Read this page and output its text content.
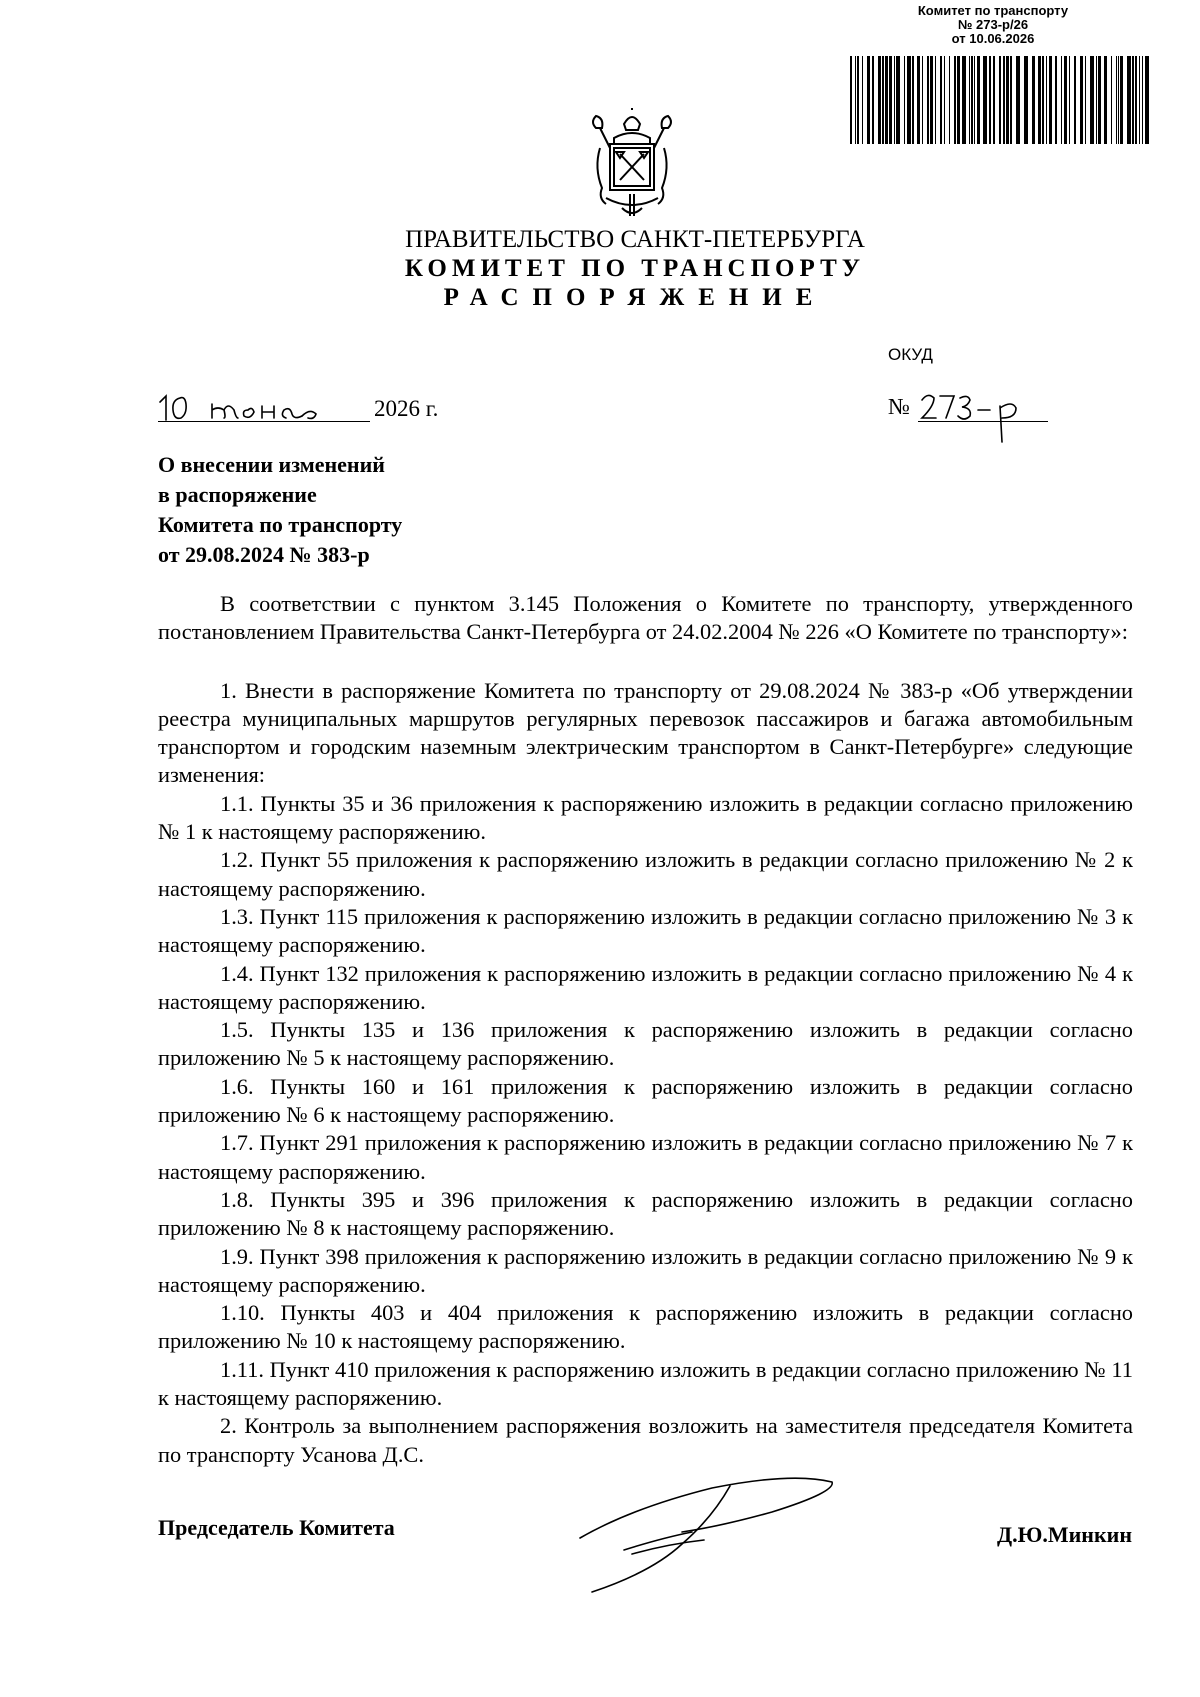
Комитет по транспорту
№ 273-р/26
от 10.06.2026
ПРАВИТЕЛЬСТВО САНКТ-ПЕТЕРБУРГА
КОМИТЕТ ПО ТРАНСПОРТУ
РАСПОРЯЖЕНИЕ
ОКУД
2026 г.	№
О внесении изменений
в распоряжение
Комитета по транспорту
от 29.08.2024 № 383-р

В соответствии с пунктом 3.145 Положения о Комитете по транспорту, утвержденного постановлением Правительства Санкт-Петербурга от 24.02.2004 № 226 «О Комитете по транспорту»:

1. Внести в распоряжение Комитета по транспорту от 29.08.2024 № 383-р «Об утверждении реестра муниципальных маршрутов регулярных перевозок пассажиров и багажа автомобильным транспортом и городским наземным электрическим транспортом в Санкт-Петербурге» следующие изменения:

1.1. Пункты 35 и 36 приложения к распоряжению изложить в редакции согласно приложению № 1 к настоящему распоряжению.

1.2. Пункт 55 приложения к распоряжению изложить в редакции согласно приложению № 2 к настоящему распоряжению.

1.3. Пункт 115 приложения к распоряжению изложить в редакции согласно приложению № 3 к настоящему распоряжению.

1.4. Пункт 132 приложения к распоряжению изложить в редакции согласно приложению № 4 к настоящему распоряжению.

1.5. Пункты 135 и 136 приложения к распоряжению изложить в редакции согласно приложению № 5 к настоящему распоряжению.

1.6. Пункты 160 и 161 приложения к распоряжению изложить в редакции согласно приложению № 6 к настоящему распоряжению.

1.7. Пункт 291 приложения к распоряжению изложить в редакции согласно приложению № 7 к настоящему распоряжению.

1.8. Пункты 395 и 396 приложения к распоряжению изложить в редакции согласно приложению № 8 к настоящему распоряжению.

1.9. Пункт 398 приложения к распоряжению изложить в редакции согласно приложению № 9 к настоящему распоряжению.

1.10. Пункты 403 и 404 приложения к распоряжению изложить в редакции согласно приложению № 10 к настоящему распоряжению.

1.11. Пункт 410 приложения к распоряжению изложить в редакции согласно приложению № 11 к настоящему распоряжению.

2. Контроль за выполнением распоряжения возложить на заместителя председателя Комитета по транспорту Усанова Д.С.

Председатель Комитета	Д.Ю.Минкин
